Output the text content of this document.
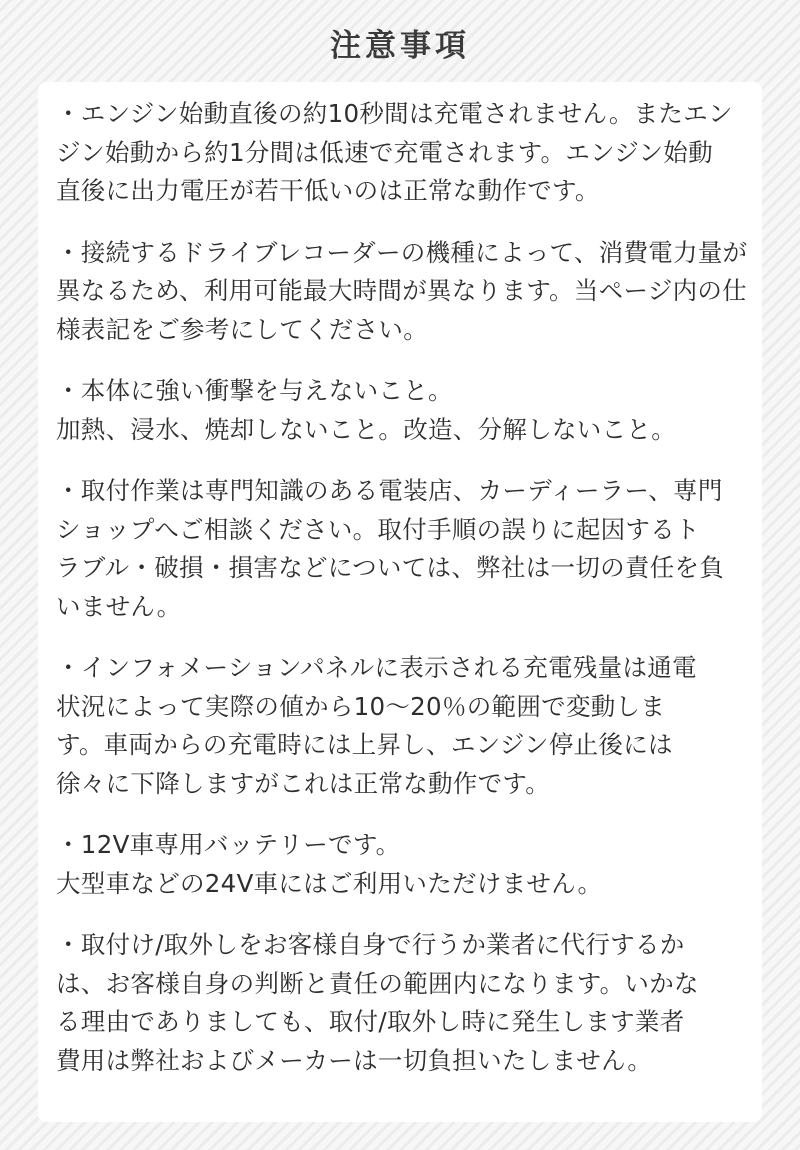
注意事項
・エンジン始動直後の約10秒間は充電されません。またエン
ジン始動から約1分間は低速で充電されます。エンジン始動
直後に出力電圧が若干低いのは正常な動作です。
・接続するドライブレコーダーの機種によって、消費電力量が
異なるため、利用可能最大時間が異なります。当ページ内の仕
様表記をご参考にしてください。
・本体に強い衝撃を与えないこと。
加熱、浸水、焼却しないこと。改造、分解しないこと。
・取付作業は専門知識のある電装店、カーディーラー、専門
ショップへご相談ください。取付手順の誤りに起因するト
ラブル・破損・損害などについては、弊社は一切の責任を負
いません。
・インフォメーションパネルに表示される充電残量は通電
状況によって実際の値から10～20％の範囲で変動しま
す。車両からの充電時には上昇し、エンジン停止後には
徐々に下降しますがこれは正常な動作です。
・12V車専用バッテリーです。
大型車などの24V車にはご利用いただけません。
・取付け/取外しをお客様自身で行うか業者に代行するか
は、お客様自身の判断と責任の範囲内になります。いかな
る理由でありましても、取付/取外し時に発生します業者
費用は弊社およびメーカーは一切負担いたしません。
